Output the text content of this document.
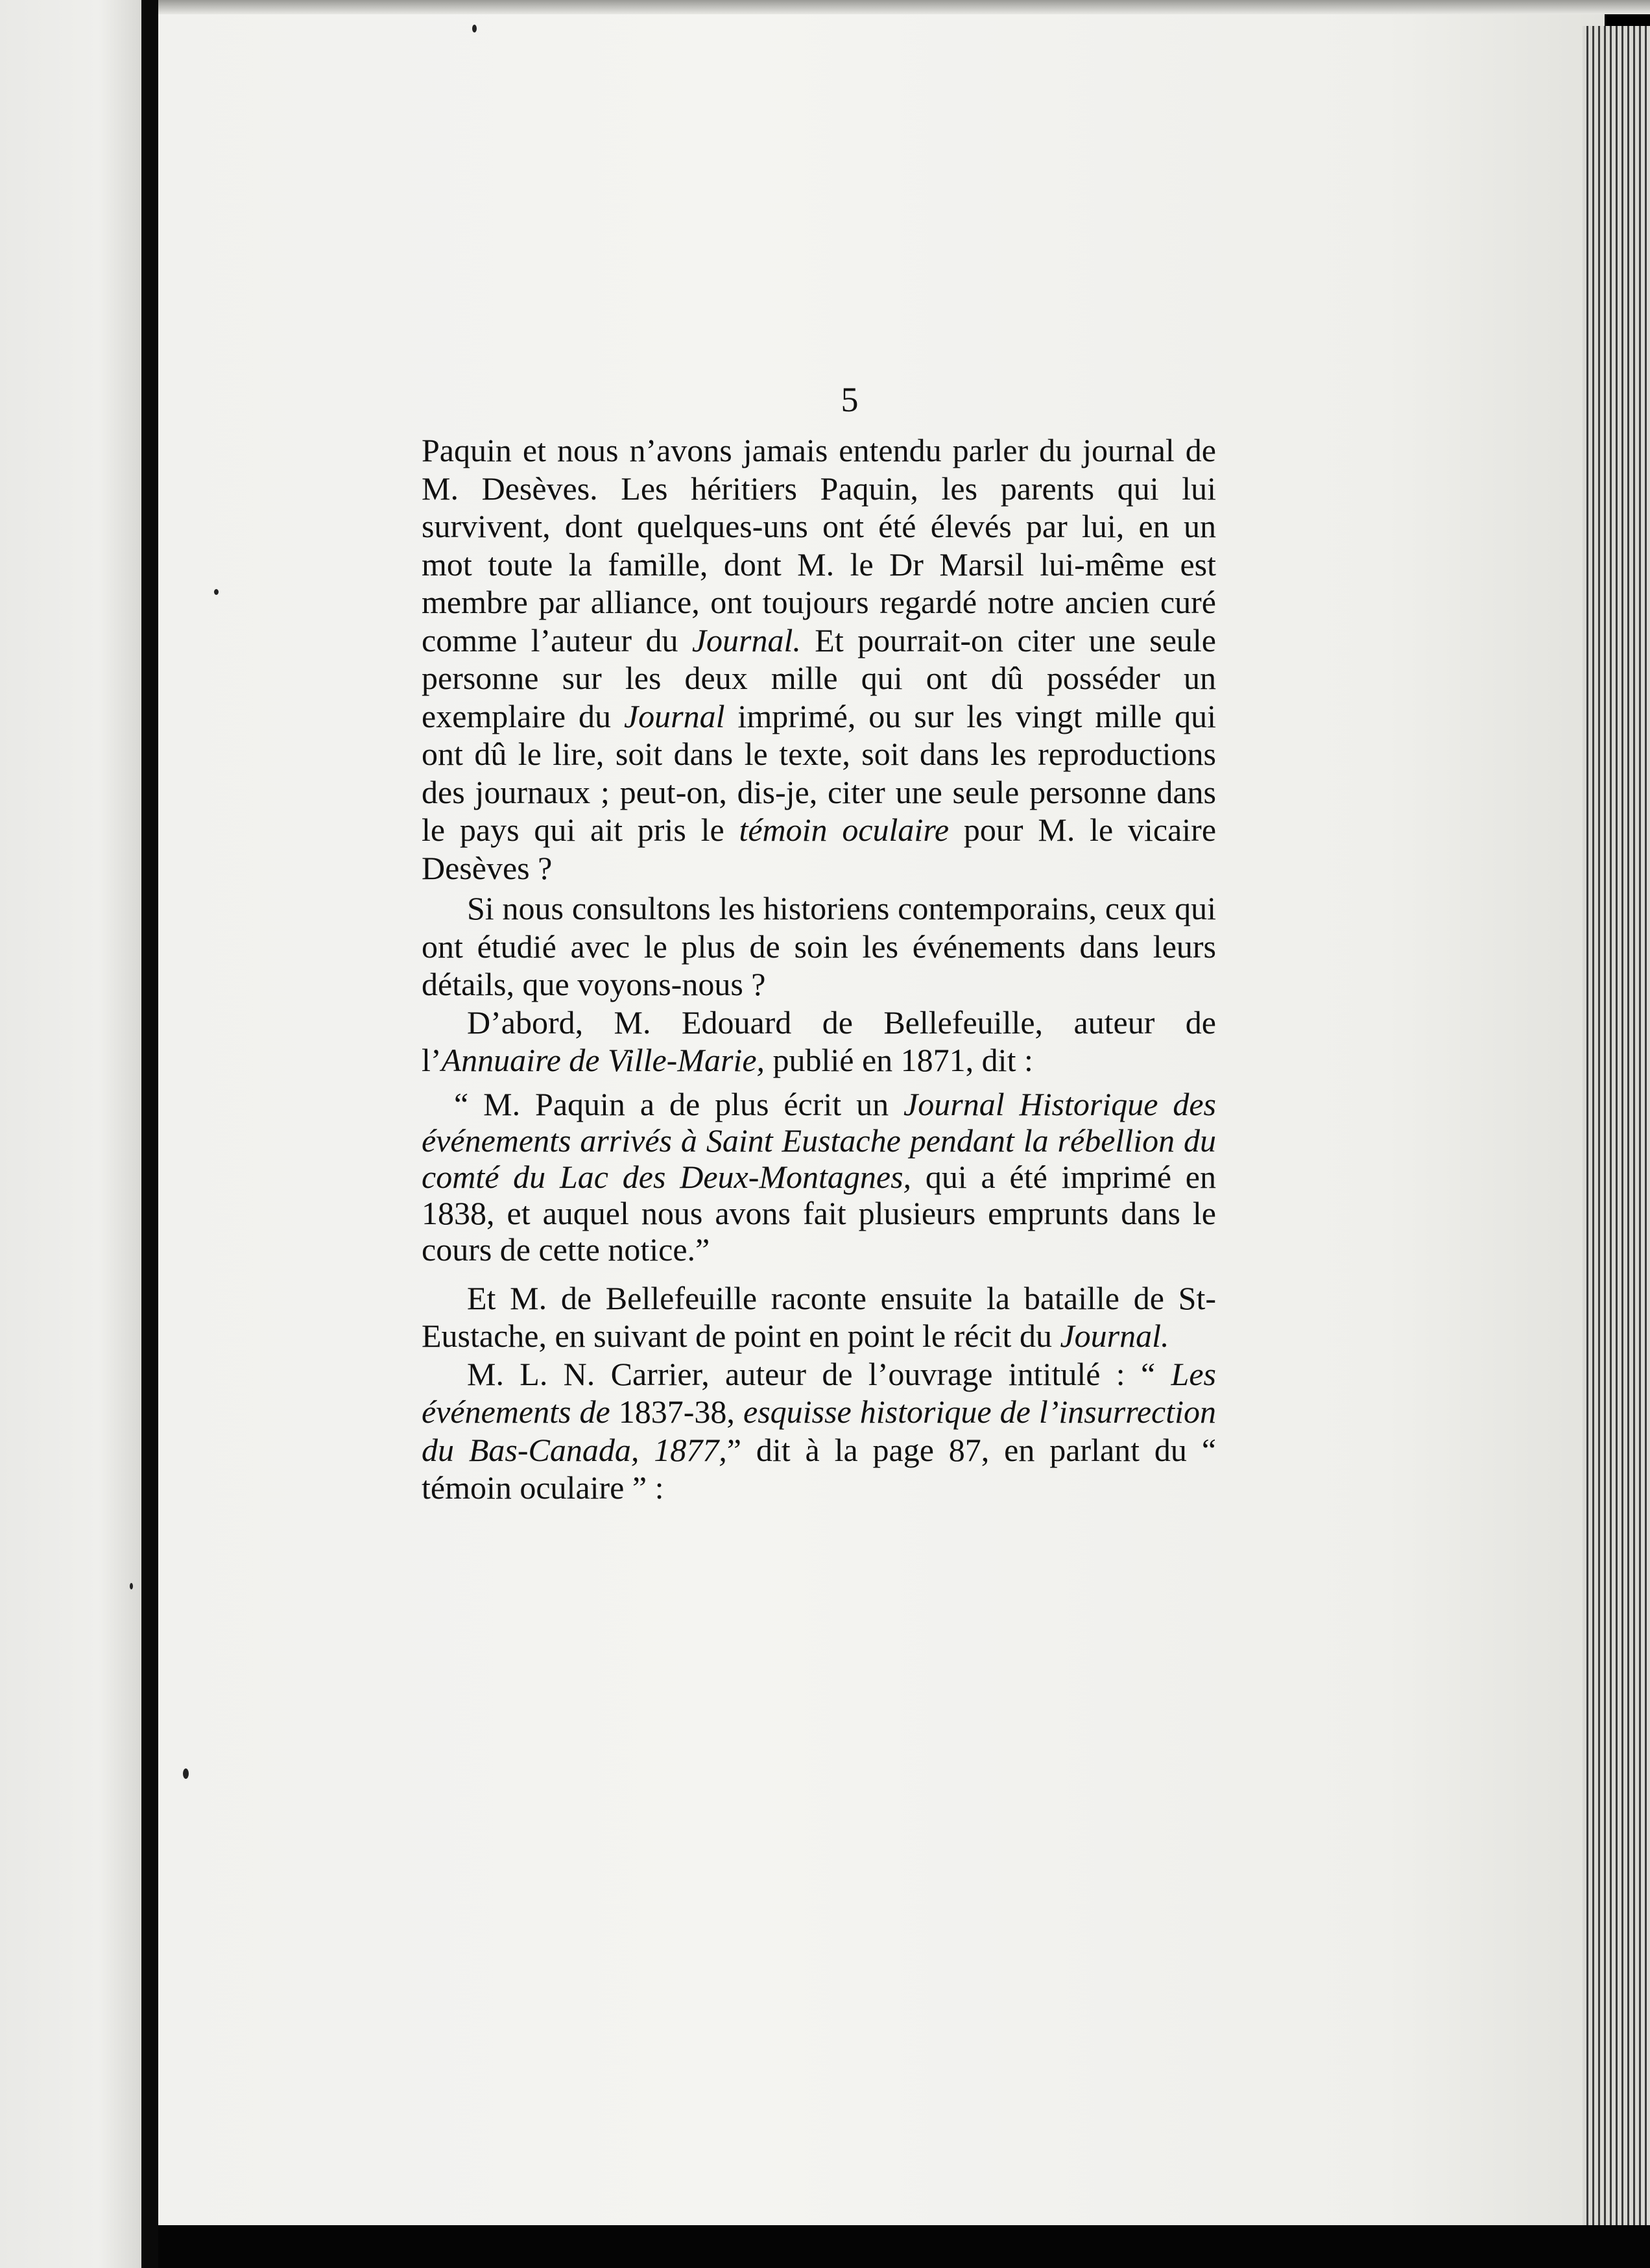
5

Paquin et nous n’avons jamais entendu parler du journal de M. Desèves. Les héritiers Paquin, les parents qui lui survivent, dont quelques-uns ont été élevés par lui, en un mot toute la famille, dont M. le Dr Marsil lui-même est membre par alliance, ont toujours regardé notre ancien curé comme l’auteur du Journal. Et pourrait-on citer une seule personne sur les deux mille qui ont dû posséder un exemplaire du Journal imprimé, ou sur les vingt mille qui ont dû le lire, soit dans le texte, soit dans les reproductions des journaux ; peut-on, dis-je, citer une seule personne dans le pays qui ait pris le témoin oculaire pour M. le vicaire Desèves ?

Si nous consultons les historiens contemporains, ceux qui ont étudié avec le plus de soin les événements dans leurs détails, que voyons-nous ?

D’abord, M. Edouard de Bellefeuille, auteur de l’Annuaire de Ville-Marie, publié en 1871, dit :

“ M. Paquin a de plus écrit un Journal Historique des événements arrivés à Saint Eustache pendant la rébellion du comté du Lac des Deux-Montagnes, qui a été imprimé en 1838, et auquel nous avons fait plusieurs emprunts dans le cours de cette notice.”

Et M. de Bellefeuille raconte ensuite la bataille de St-Eustache, en suivant de point en point le récit du Journal.

M. L. N. Carrier, auteur de l’ouvrage intitulé : “ Les événements de 1837-38, esquisse historique de l’insurrection du Bas-Canada, 1877,” dit à la page 87, en parlant du “ témoin oculaire ” :
